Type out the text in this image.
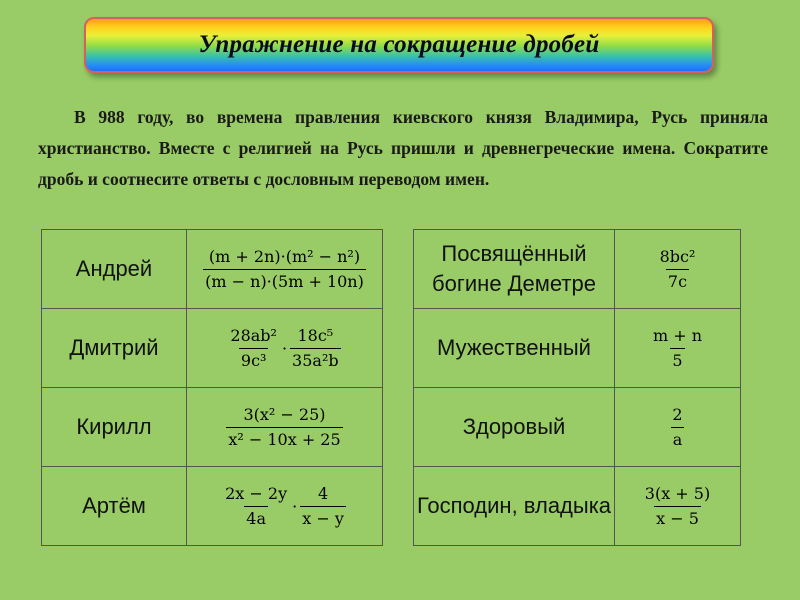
Упражнение на сокращение дробей

В 988 году, во времена правления киевского князя Владимира, Русь приняла христианство. Вместе с религией на Русь пришли и древнегреческие имена. Сократите дробь и соотнесите ответы с дословным переводом имен.

Андрей	$\frac{\text{(m + 2n)·(m² − n²)}}{(m - n)\cdot(5m + 10n)}$

Дмитрий	$\frac{\text{28ab²}}{\text{9c³}} \cdot \frac{\text{18c⁵}}{\text{35a²b}}$

Кирилл	$\frac{\text{3(x² − 25)}}{\text{x² − 10x + 25}}$

Артём	$\frac{2x - 2y}{4a} \cdot \frac{4}{x - y}$
Посвящённый богине Деметре	$\frac{\text{8bc²}}{7c}$

Мужественный	$\frac{m + n}{5}$

Здоровый	$\frac{2}{a}$

Господин, владыка	$\frac{3(x + 5)}{x - 5}$
